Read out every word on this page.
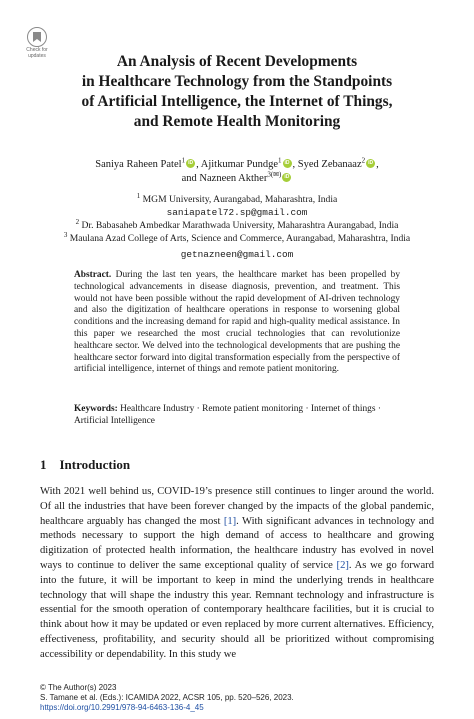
Check for
updates	An Analysis of Recent Developments
in Healthcare Technology from the Standpoints
of Artificial Intelligence, the Internet of Things,
and Remote Health Monitoring
Saniya Raheen Patel$^1$ iD , Ajitkumar Pundge$^1$ iD , Syed Zebanaaz$^2$ iD ,
and Nazneen Akther$^{3(✉)}$iD
$^1$ MGM University, Aurangabad, Maharashtra, India
saniapatel72.sp@gmail.com
$^2$ Dr. Babasaheb Ambedkar Marathwada University, Maharashtra Aurangabad, India
$^3$ Maulana Azad College of Arts, Science and Commerce, Aurangabad, Maharashtra, India
getnazneen@gmail.com
Abstract. During the last ten years, the healthcare market has been propelled by technological advancements in disease diagnosis, prevention, and treatment. This would not have been possible without the rapid development of AI-driven technology and also the digitization of healthcare operations in response to worsening global conditions and the increasing demand for rapid and high-quality medical assistance. In this paper we researched the most crucial technologies that can revolutionize healthcare sector. We delved into the technological developments that are pushing the healthcare sector forward into digital transformation especially from the perspective of artificial intelligence, internet of things and remote patient monitoring.
Keywords: Healthcare Industry · Remote patient monitoring · Internet of things · Artificial Intelligence
1 Introduction
With 2021 well behind us, COVID-19’s presence still continues to linger around the world. Of all the industries that have been forever changed by the impacts of the global pandemic, healthcare arguably has changed the most [1]. With significant advances in technology and methods necessary to support the high demand of access to healthcare and growing digitization of protected health information, the healthcare industry has evolved in novel ways to continue to deliver the same exceptional quality of service [2]. As we go forward into the future, it will be important to keep in mind the underlying trends in healthcare technology that will shape the industry this year. Remnant technology and infrastructure is essential for the smooth operation of contemporary healthcare facilities, but it is crucial to think about how it may be updated or even replaced by more current alternatives. Efficiency, effectiveness, profitability, and security should all be prioritized without compromising accessibility or dependability. In this study we
© The Author(s) 2023
S. Tamane et al. (Eds.): ICAMIDA 2022, ACSR 105, pp. 520–526, 2023.
https://doi.org/10.2991/978-94-6463-136-4_45
